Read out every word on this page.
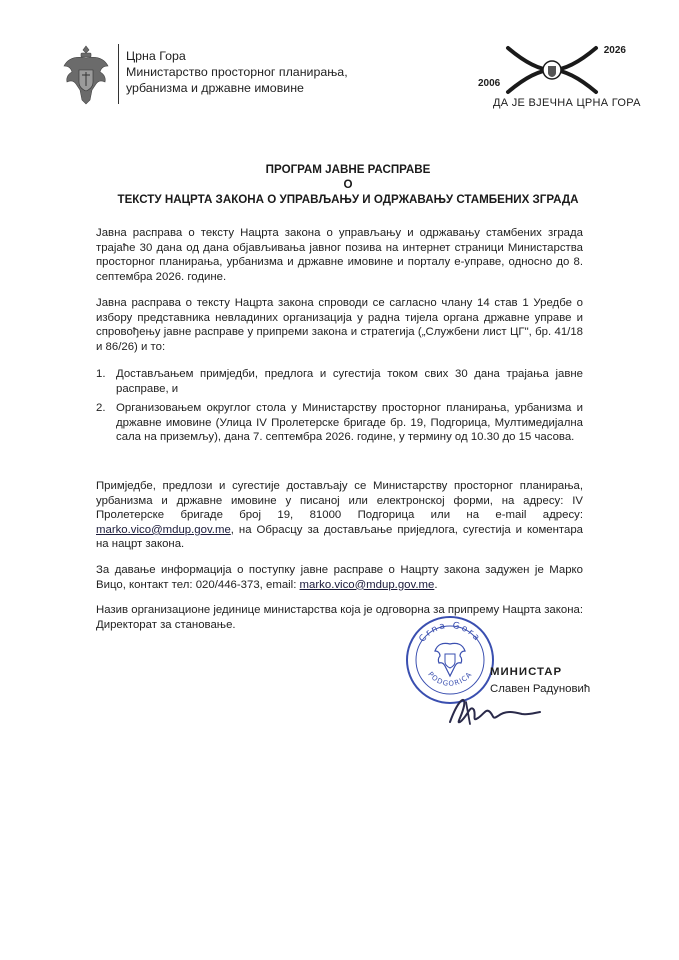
Црна Гора
Министарство просторног планирања,
урбанизма и државне имовине	2006
2026
ДА ЈЕ ВЈЕЧНА ЦРНА ГОРА
ПРОГРАМ ЈАВНЕ РАСПРАВЕ
О
ТЕКСТУ НАЦРТА ЗАКОНА О УПРАВЉАЊУ И ОДРЖАВАЊУ СТАМБЕНИХ ЗГРАДА
Јавна расправа о тексту Нацрта закона о управљању и одржавању стамбених зграда трајаће 30 дана од дана објављивања јавног позива на интернет страници Министарства просторног планирања, урбанизма и државне имовине и порталу е-управе, односно до 8. септембра 2026. године.
Јавна расправа о тексту Нацрта закона спроводи се сагласно члану 14 став 1 Уредбе о избору представника невладиних организација у радна тијела органа државне управе и спровођењу јавне расправе у припреми закона и стратегија („Службени лист ЦГ", бр. 41/18 и 86/26) и то:
1. Достављањем примједби, предлога и сугестија током свих 30 дана трајања јавне расправе, и
2. Организовањем округлог стола у Министарству просторног планирања, урбанизма и државне имовине (Улица IV Пролетерске бригаде бр. 19, Подгорица, Мултимедијална сала на приземљу), дана 7. септембра 2026. године, у термину од 10.30 до 15 часова.
Примједбе, предлози и сугестије достављају се Министарству просторног планирања, урбанизма и државне имовине у писаној или електронској форми, на адресу: IV Пролетерске бригаде број 19, 81000 Подгорица или на e-mail адресу: marko.vico@mdup.gov.me, на Обрасцу за достављање приједлога, сугестија и коментара на нацрт закона.
За давање информација о поступку јавне расправе о Нацрту закона задужен је Марко Вицо, контакт тел: 020/446-373, email: marko.vico@mdup.gov.me.
Назив организационе јединице министарства која је одговорна за припрему Нацрта закона: Директорат за становање.
Crna Gora
PODGORICA МИНИСТАР
Славен Радуновић
